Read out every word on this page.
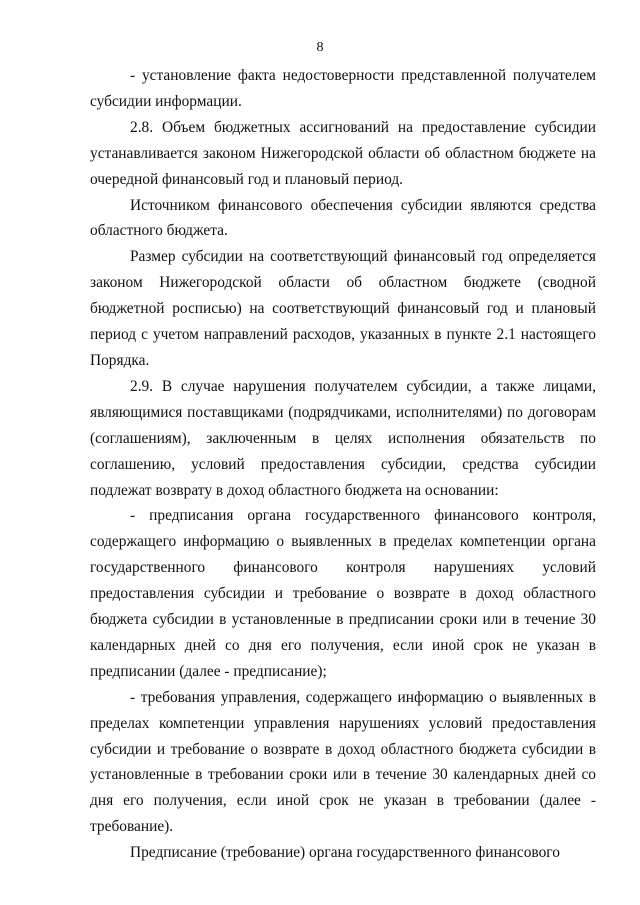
8

- установление факта недостоверности представленной получателем субсидии информации.

2.8. Объем бюджетных ассигнований на предоставление субсидии устанавливается законом Нижегородской области об областном бюджете на очередной финансовый год и плановый период.

Источником финансового обеспечения субсидии являются средства областного бюджета.

Размер субсидии на соответствующий финансовый год определяется законом Нижегородской области об областном бюджете (сводной бюджетной росписью) на соответствующий финансовый год и плановый период с учетом направлений расходов, указанных в пункте 2.1 настоящего Порядка.

2.9. В случае нарушения получателем субсидии, а также лицами, являющимися поставщиками (подрядчиками, исполнителями) по договорам (соглашениям), заключенным в целях исполнения обязательств по соглашению, условий предоставления субсидии, средства субсидии подлежат возврату в доход областного бюджета на основании:

- предписания органа государственного финансового контроля, содержащего информацию о выявленных в пределах компетенции органа государственного финансового контроля нарушениях условий предоставления субсидии и требование о возврате в доход областного бюджета субсидии в установленные в предписании сроки или в течение 30 календарных дней со дня его получения, если иной срок не указан в предписании (далее - предписание);

- требования управления, содержащего информацию о выявленных в пределах компетенции управления нарушениях условий предоставления субсидии и требование о возврате в доход областного бюджета субсидии в установленные в требовании сроки или в течение 30 календарных дней со дня его получения, если иной срок не указан в требовании (далее - требование).

Предписание (требование) органа государственного финансового
